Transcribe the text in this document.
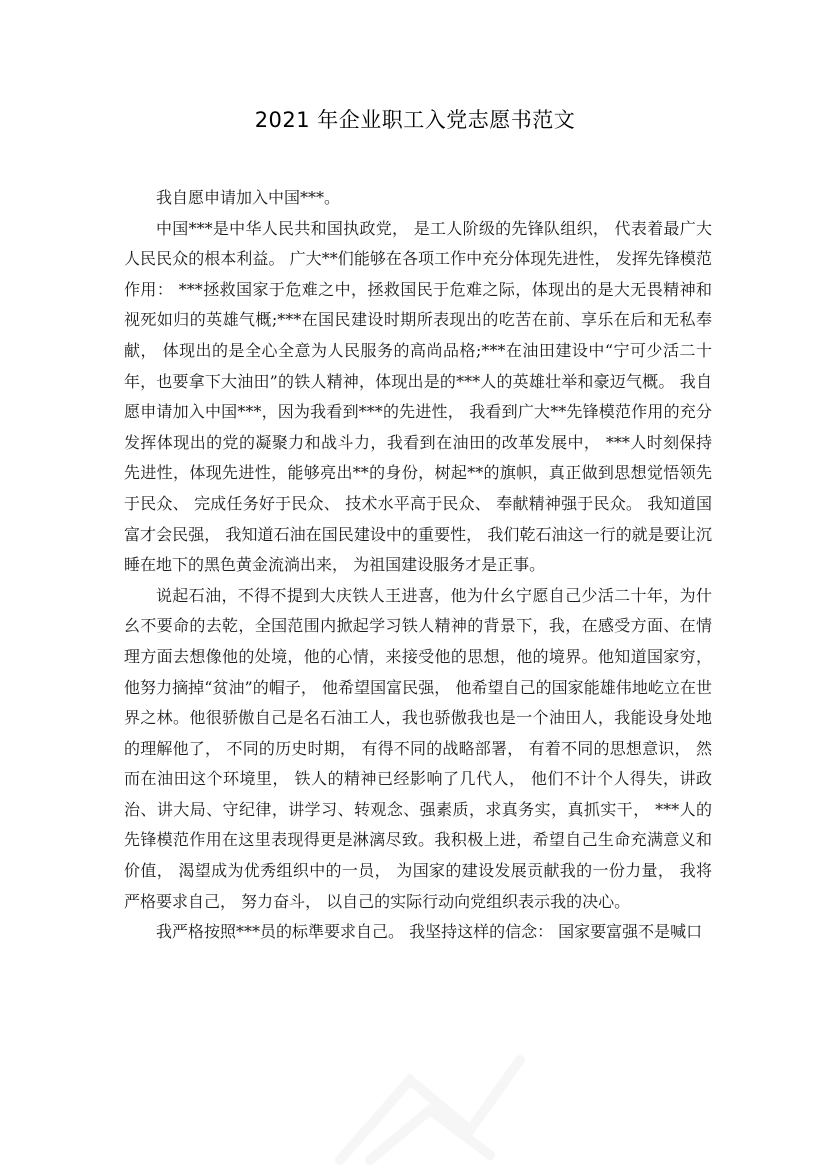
2021 年企业职工入党志愿书范文

我自愿申请加入中国***。

中国***是中华人民共和国执政党， 是工人阶级的先锋队组织， 代表着最广大人民民众的根本利益。 广大**们能够在各项工作中充分体现先进性， 发挥先锋模范作用： ***拯救国家于危难之中，拯救国民于危难之际，体现出的是大无畏精神和视死如归的英雄气概;***在国民建设时期所表现出的吃苦在前、享乐在后和无私奉献， 体现出的是全心全意为人民服务的高尚品格;***在油田建设中“宁可少活二十年，也要拿下大油田”的铁人精神，体现出是的***人的英雄壮举和豪迈气概。 我自愿申请加入中国***，因为我看到***的先进性， 我看到广大**先锋模范作用的充分发挥体现出的党的凝聚力和战斗力，我看到在油田的改革发展中， ***人时刻保持先进性，体现先进性，能够亮出**的身份，树起**的旗帜，真正做到思想觉悟领先于民众、 完成任务好于民众、 技术水平高于民众、 奉献精神强于民众。 我知道国富才会民强， 我知道石油在国民建设中的重要性， 我们乾石油这一行的就是要让沉睡在地下的黑色黄金流淌出来， 为祖国建设服务才是正事。

说起石油，不得不提到大庆铁人王进喜，他为什幺宁愿自己少活二十年，为什幺不要命的去乾，全国范围内掀起学习铁人精神的背景下，我，在感受方面、在情理方面去想像他的处境，他的心情，来接受他的思想，他的境界。他知道国家穷， 他努力摘掉“贫油”的帽子， 他希望国富民强， 他希望自己的国家能雄伟地屹立在世界之林。他很骄傲自己是名石油工人，我也骄傲我也是一个油田人，我能设身处地的理解他了， 不同的历史时期， 有得不同的战略部署， 有着不同的思想意识， 然而在油田这个环境里， 铁人的精神已经影响了几代人， 他们不计个人得失，讲政治、讲大局、守纪律，讲学习、转观念、强素质，求真务实，真抓实干， ***人的先锋模范作用在这里表现得更是淋漓尽致。我积极上进，希望自己生命充满意义和价值， 渴望成为优秀组织中的一员， 为国家的建设发展贡献我的一份力量， 我将严格要求自己， 努力奋斗， 以自己的实际行动向党组织表示我的决心。

我严格按照***员的标準要求自己。 我坚持这样的信念： 国家要富强不是喊口
